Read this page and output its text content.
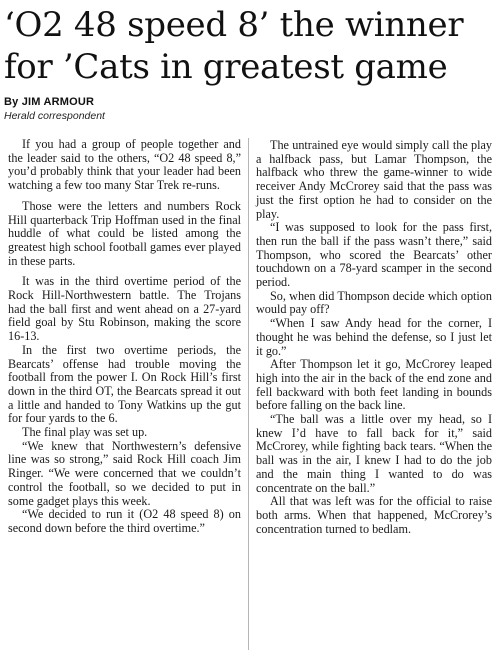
‘O2 48 speed 8’ the winner for ’Cats in greatest game

By JIM ARMOUR

Herald correspondent

If you had a group of people together and the leader said to the others, “O2 48 speed 8,” you’d probably think that your leader had been watching a few too many Star Trek re-runs.

Those were the letters and numbers Rock Hill quarterback Trip Hoffman used in the final huddle of what could be listed among the greatest high school football games ever played in these parts.

It was in the third overtime period of the Rock Hill-Northwestern battle. The Trojans had the ball first and went ahead on a 27-yard field goal by Stu Robinson, making the score 16-13.

In the first two overtime periods, the Bearcats’ offense had trouble moving the football from the power I. On Rock Hill’s first down in the third OT, the Bearcats spread it out a little and handed to Tony Watkins up the gut for four yards to the 6.

The final play was set up.

“We knew that Northwestern’s defensive line was so strong,” said Rock Hill coach Jim Ringer. “We were concerned that we couldn’t control the football, so we decided to put in some gadget plays this week.

“We decided to run it (O2 48 speed 8) on second down before the third overtime.”

The untrained eye would simply call the play a halfback pass, but Lamar Thompson, the halfback who threw the game-winner to wide receiver Andy McCrorey said that the pass was just the first option he had to consider on the play.

“I was supposed to look for the pass first, then run the ball if the pass wasn’t there,” said Thompson, who scored the Bearcats’ other touchdown on a 78-yard scamper in the second period.

So, when did Thompson decide which option would pay off?

“When I saw Andy head for the corner, I thought he was behind the defense, so I just let it go.”

After Thompson let it go, McCrorey leaped high into the air in the back of the end zone and fell backward with both feet landing in bounds before falling on the back line.

“The ball was a little over my head, so I knew I’d have to fall back for it,” said McCrorey, while fighting back tears. “When the ball was in the air, I knew I had to do the job and the main thing I wanted to do was concentrate on the ball.”

All that was left was for the official to raise both arms. When that happened, McCrorey’s concentration turned to bedlam.
